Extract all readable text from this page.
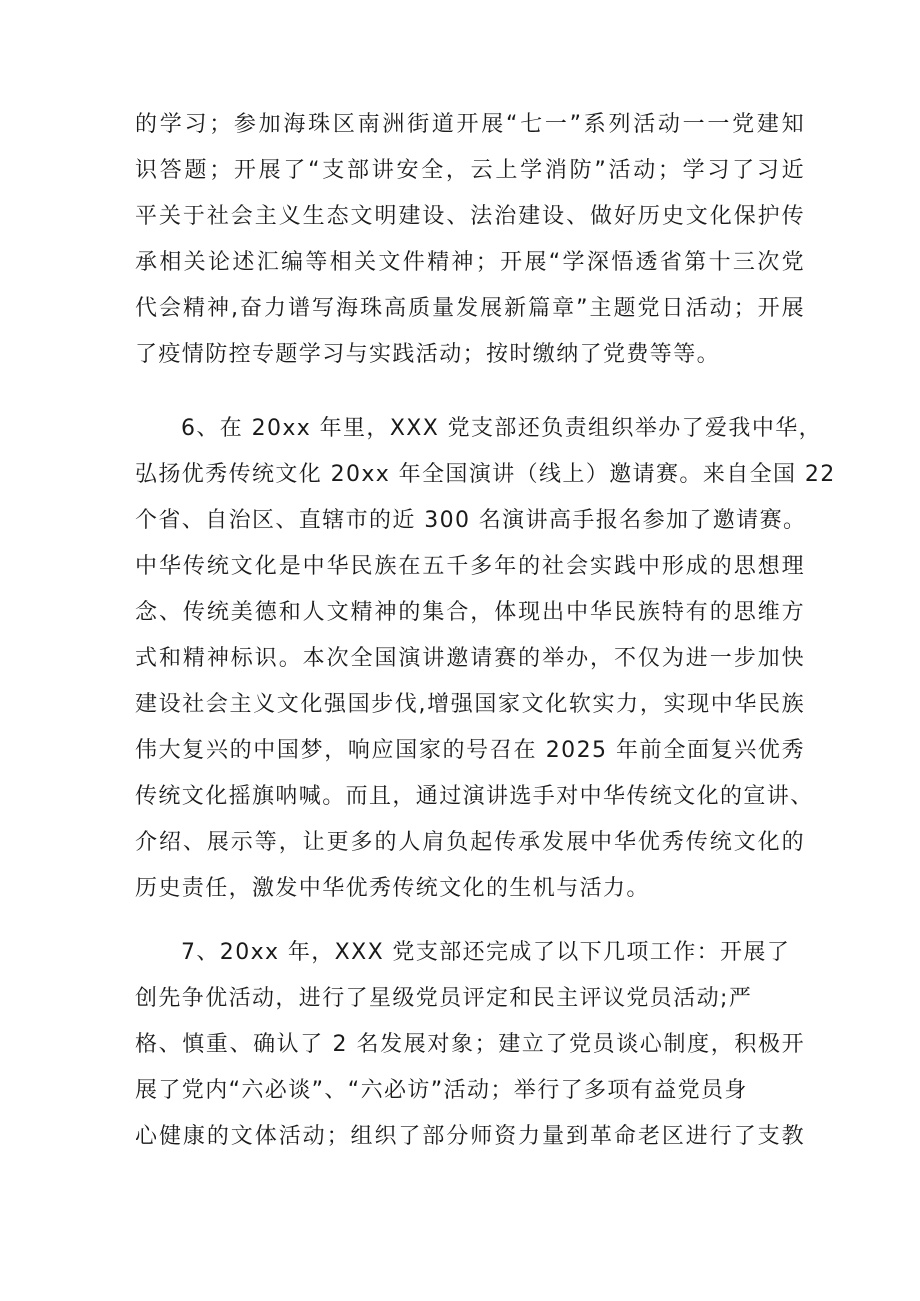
的学习；参加海珠区南洲街道开展“七一”系列活动一一党建知
识答题；开展了“支部讲安全，云上学消防”活动；学习了习近
平关于社会主义生态文明建设、法治建设、做好历史文化保护传
承相关论述汇编等相关文件精神；开展“学深悟透省第十三次党
代会精神,奋力谱写海珠高质量发展新篇章”主题党日活动；开展
了疫情防控专题学习与实践活动；按时缴纳了党费等等。
6、在 20xx 年里，XXX 党支部还负责组织举办了爱我中华，
弘扬优秀传统文化 20xx 年全国演讲（线上）邀请赛。来自全国 22
个省、自治区、直辖市的近 300 名演讲高手报名参加了邀请赛。
中华传统文化是中华民族在五千多年的社会实践中形成的思想理
念、传统美德和人文精神的集合，体现出中华民族特有的思维方
式和精神标识。本次全国演讲邀请赛的举办，不仅为进一步加快
建设社会主义文化强国步伐,增强国家文化软实力，实现中华民族
伟大复兴的中国梦，响应国家的号召在 2025 年前全面复兴优秀
传统文化摇旗呐喊。而且，通过演讲选手对中华传统文化的宣讲、
介绍、展示等，让更多的人肩负起传承发展中华优秀传统文化的
历史责任，激发中华优秀传统文化的生机与活力。
7、20xx 年，XXX 党支部还完成了以下几项工作：开展了
创先争优活动，进行了星级党员评定和民主评议党员活动;严
格、慎重、确认了 2 名发展对象；建立了党员谈心制度，积极开
展了党内“六必谈”、“六必访”活动；举行了多项有益党员身
心健康的文体活动；组织了部分师资力量到革命老区进行了支教
